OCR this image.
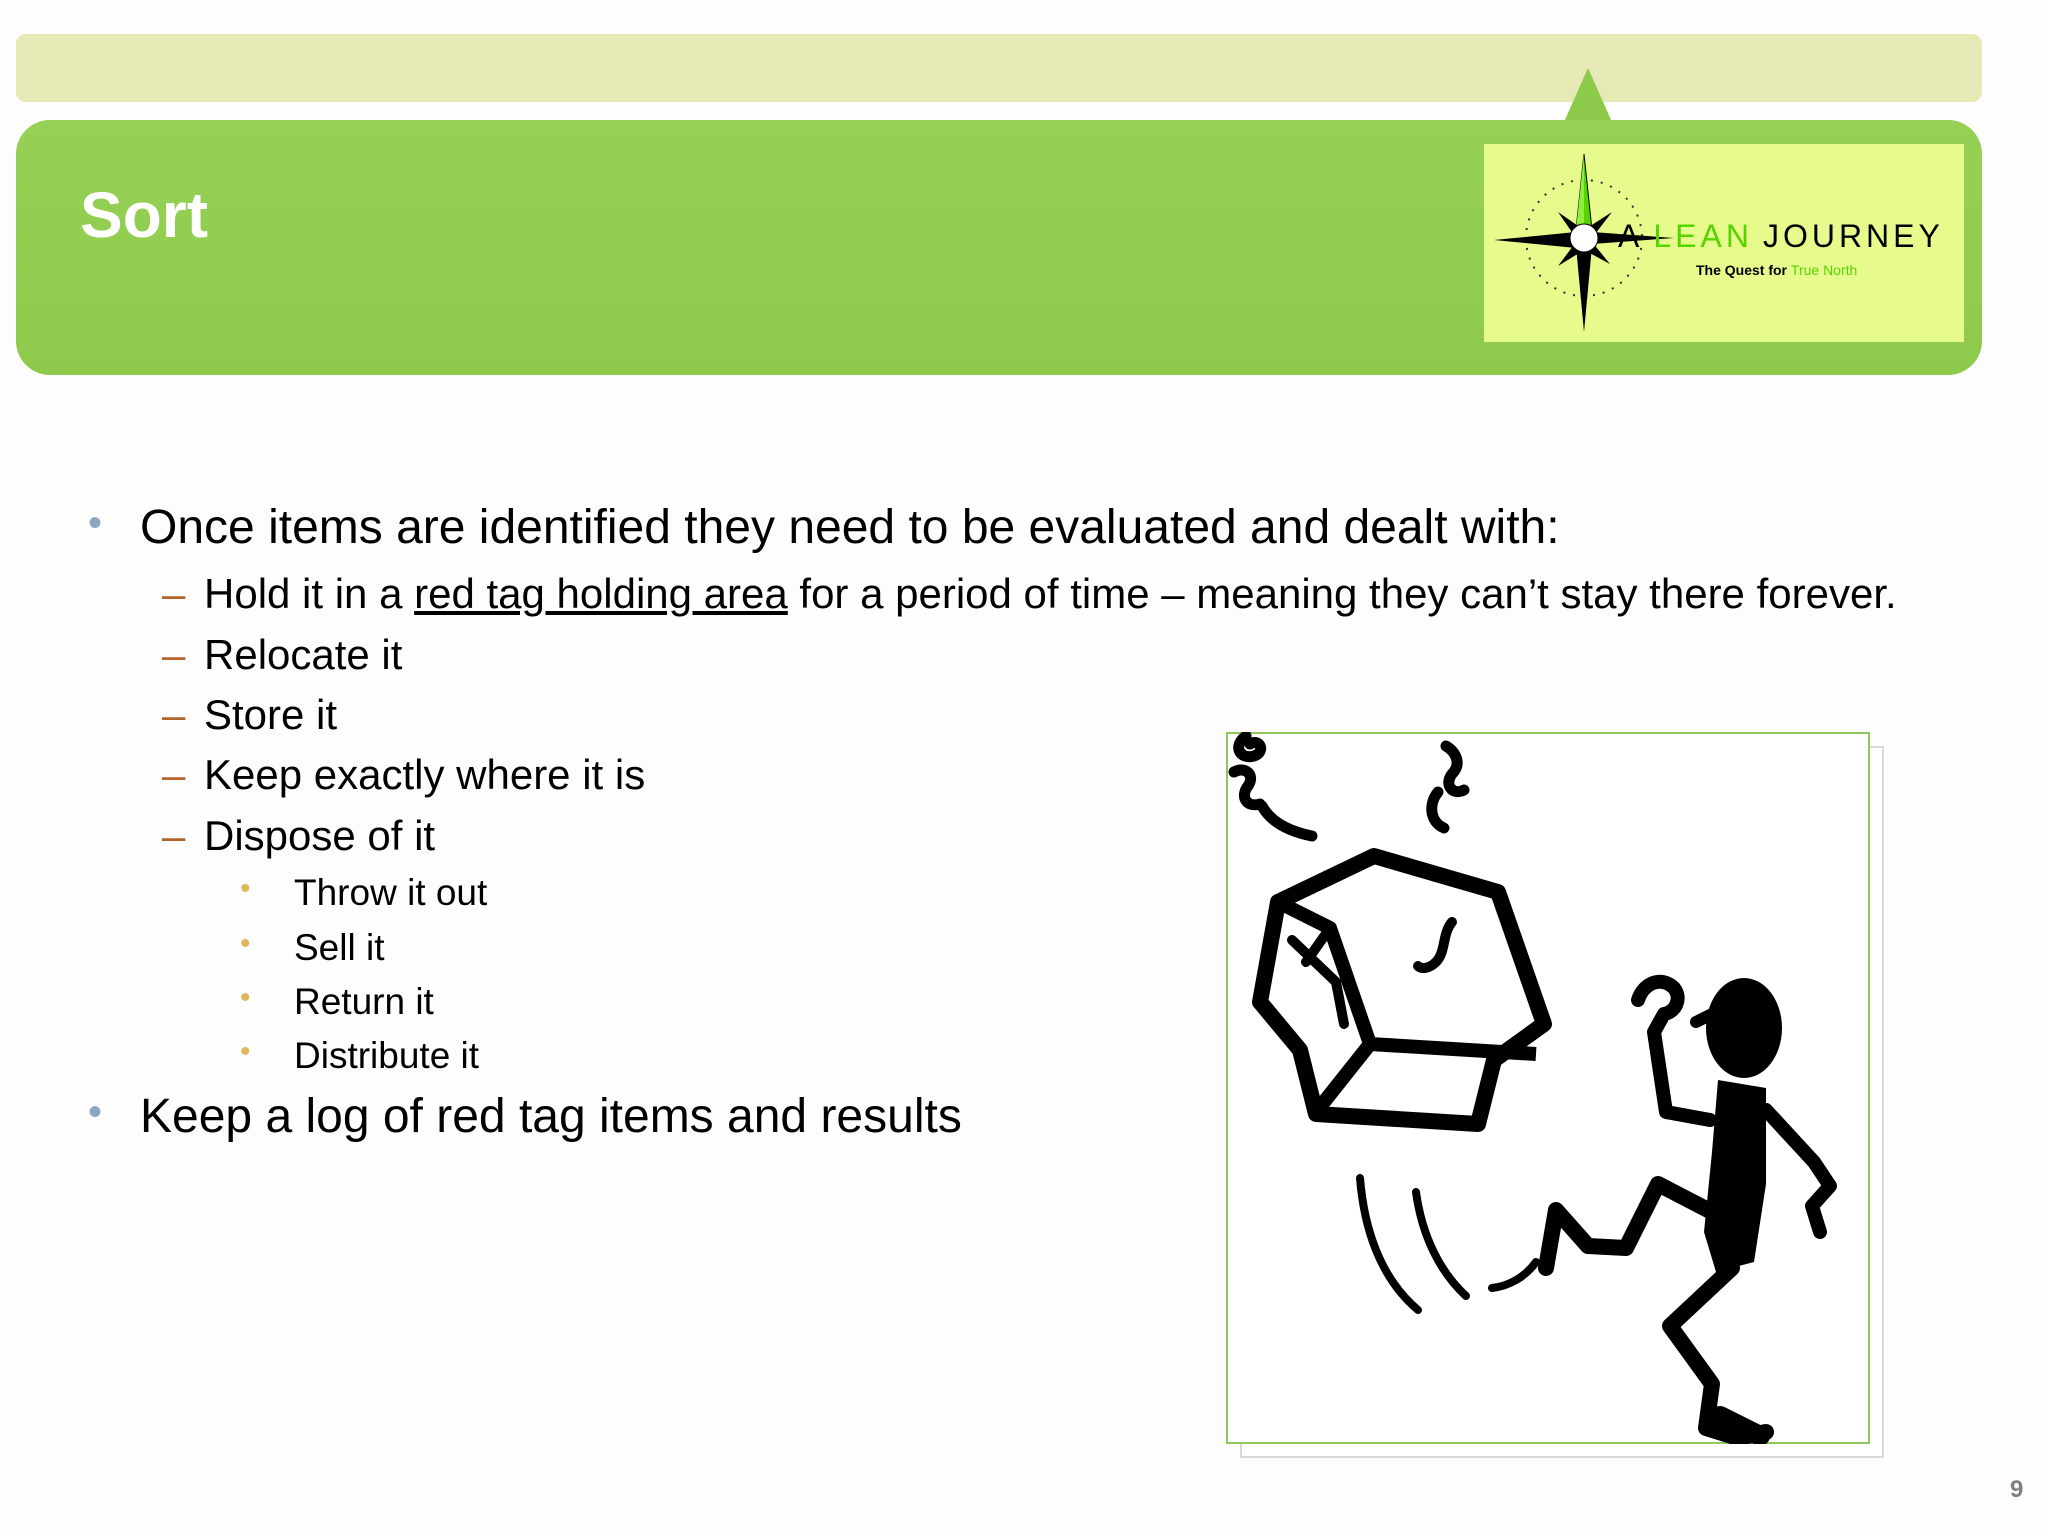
Sort	A LEAN JOURNEY
The Quest for True North
• Once items are identified they need to be evaluated and dealt with:
– Hold it in a red tag holding area for a period of time – meaning they can’t stay there forever.
– Relocate it
– Store it
– Keep exactly where it is
– Dispose of it
• Throw it out
• Sell it
• Return it
• Distribute it
• Keep a log of red tag items and results
9
